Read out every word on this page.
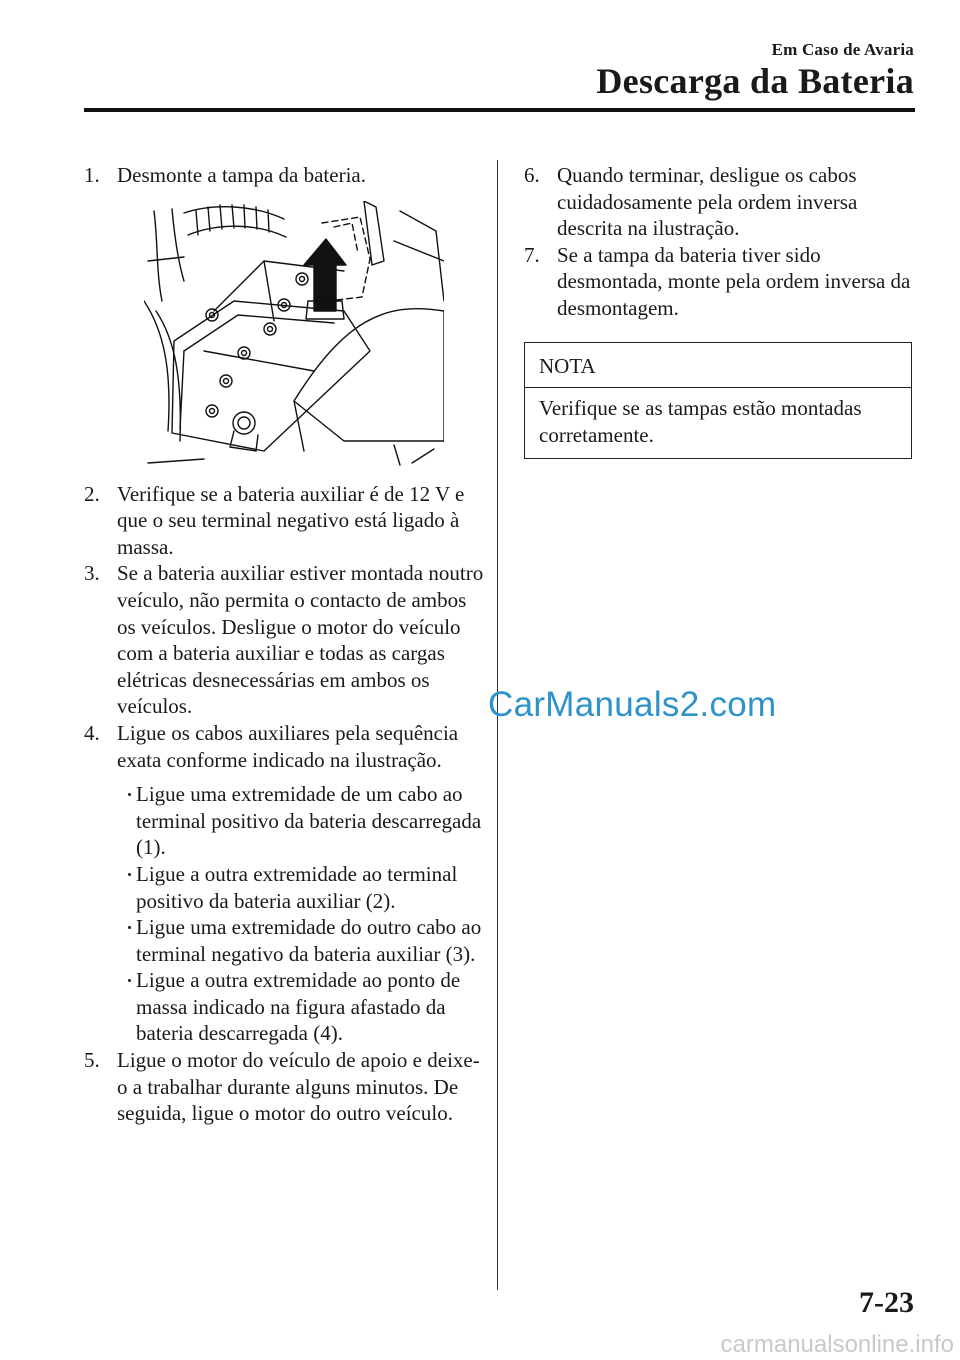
Em Caso de Avaria
Descarga da Bateria
1. Desmonte a tampa da bateria.
2. Verifique se a bateria auxiliar é de 12 V e que o seu terminal negativo está ligado à massa.
3. Se a bateria auxiliar estiver montada noutro veículo, não permita o contacto de ambos os veículos. Desligue o motor do veículo com a bateria auxiliar e todas as cargas elétricas desnecessárias em ambos os veículos.
4. Ligue os cabos auxiliares pela sequência exata conforme indicado na ilustração.
Ligue uma extremidade de um cabo ao terminal positivo da bateria descarregada (1).
Ligue a outra extremidade ao terminal positivo da bateria auxiliar (2).
Ligue uma extremidade do outro cabo ao terminal negativo da bateria auxiliar (3).
Ligue a outra extremidade ao ponto de massa indicado na figura afastado da bateria descarregada (4).
5. Ligue o motor do veículo de apoio e deixe-o a trabalhar durante alguns minutos. De seguida, ligue o motor do outro veículo.
6. Quando terminar, desligue os cabos cuidadosamente pela ordem inversa descrita na ilustração.
7. Se a tampa da bateria tiver sido desmontada, monte pela ordem inversa da desmontagem.
NOTA
Verifique se as tampas estão montadas corretamente.
CarManuals2.com
7-23
carmanualsonline.info
